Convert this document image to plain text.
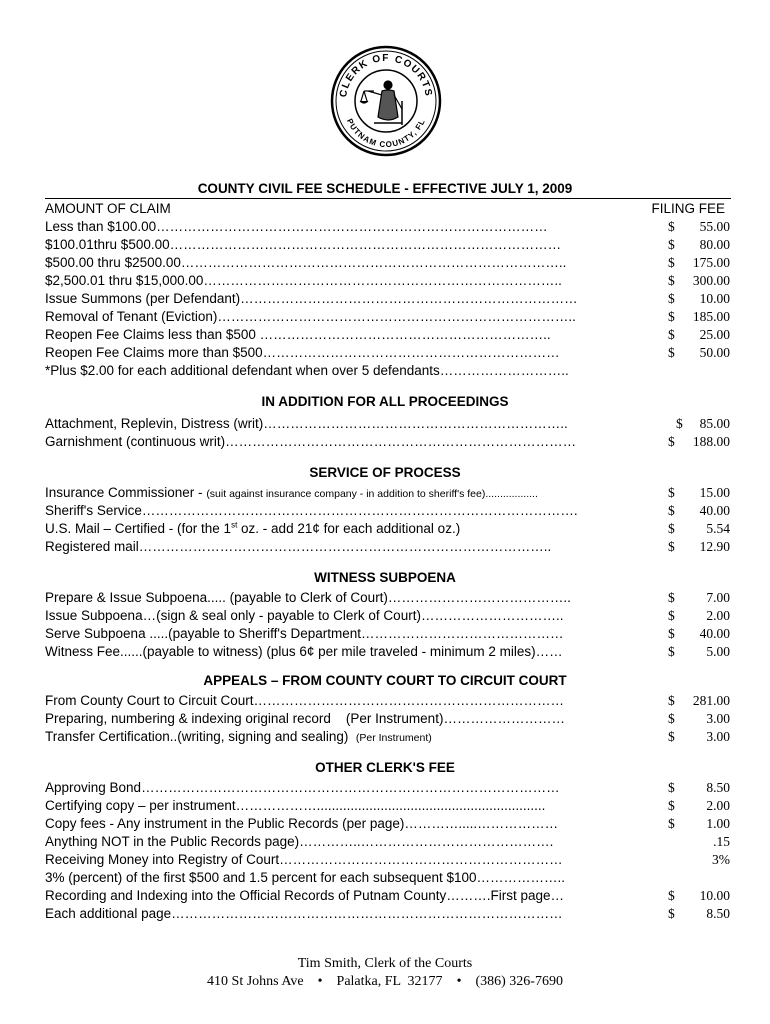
CLERK OF COURTS
PUTNAM COUNTY, FL
COUNTY CIVIL FEE SCHEDULE - EFFECTIVE JULY 1, 2009
AMOUNT OF CLAIM	FILING FEE
Less than $100.00……………………………………………………………………………	$ 55.00
$100.01thru $500.00……………………………………………………………………………	$ 80.00
$500.00 thru $2500.00…………………………………………………………………………..	$ 175.00
$2,500.01 thru $15,000.00……………………………………………………………………..	$ 300.00
Issue Summons (per Defendant)…………………………………………………………………	$ 10.00
Removal of Tenant (Eviction)……………………………………………………………………..	$ 185.00
Reopen Fee Claims less than $500 ………………………………………………………..	$ 25.00
Reopen Fee Claims more than $500…………………………………………………………	$ 50.00
*Plus $2.00 for each additional defendant when over 5 defendants………………………..
IN ADDITION FOR ALL PROCEEDINGS
Attachment, Replevin, Distress (writ)…………………………………………………………..	$ 85.00
Garnishment (continuous writ)……………………………………………………………………	$ 188.00
SERVICE OF PROCESS
Insurance Commissioner - (suit against insurance company - in addition to sheriff's fee)..................	$ 15.00
Sheriff's Service…………………………………………………………………………………….	$ 40.00
U.S. Mail – Certified - (for the 1st oz. - add 21¢ for each additional oz.)	$ 5.54
Registered mail………………………………………………………………………………..	$ 12.90
WITNESS SUBPOENA
Prepare & Issue Subpoena..... (payable to Clerk of Court)…………………………………..	$ 7.00
Issue Subpoena…(sign & seal only - payable to Clerk of Court)…………………………..	$ 2.00
Serve Subpoena .....(payable to Sheriff's Department………………………………………	$ 40.00
Witness Fee......(payable to witness) (plus 6¢ per mile traveled - minimum 2 miles)……	$ 5.00
APPEALS – FROM COUNTY COURT TO CIRCUIT COURT
From County Court to Circuit Court……………………………………………………………	$ 281.00
Preparing, numbering & indexing original record    (Per Instrument)………………………	$ 3.00
Transfer Certification..(writing, signing and sealing)  (Per Instrument)	$ 3.00
OTHER CLERK'S FEE
Approving Bond…………………………………………………………………………………	$ 8.50
Certifying copy – per instrument……………….............................................................	$ 2.00
Copy fees - Any instrument in the Public Records (per page)………….....………………	$ 1.00
Anything NOT in the Public Records page)…………..…………………………………….	.15
Receiving Money into Registry of Court………………………………………………………	3%
3% (percent) of the first $500 and 1.5 percent for each subsequent $100………………..
Recording and Indexing into the Official Records of Putnam County……….First page…	$ 10.00
Each additional page……………………………………………………………………………	$ 8.50
Tim Smith, Clerk of the Courts
410 St Johns Ave • Palatka, FL  32177 • (386) 326-7690
